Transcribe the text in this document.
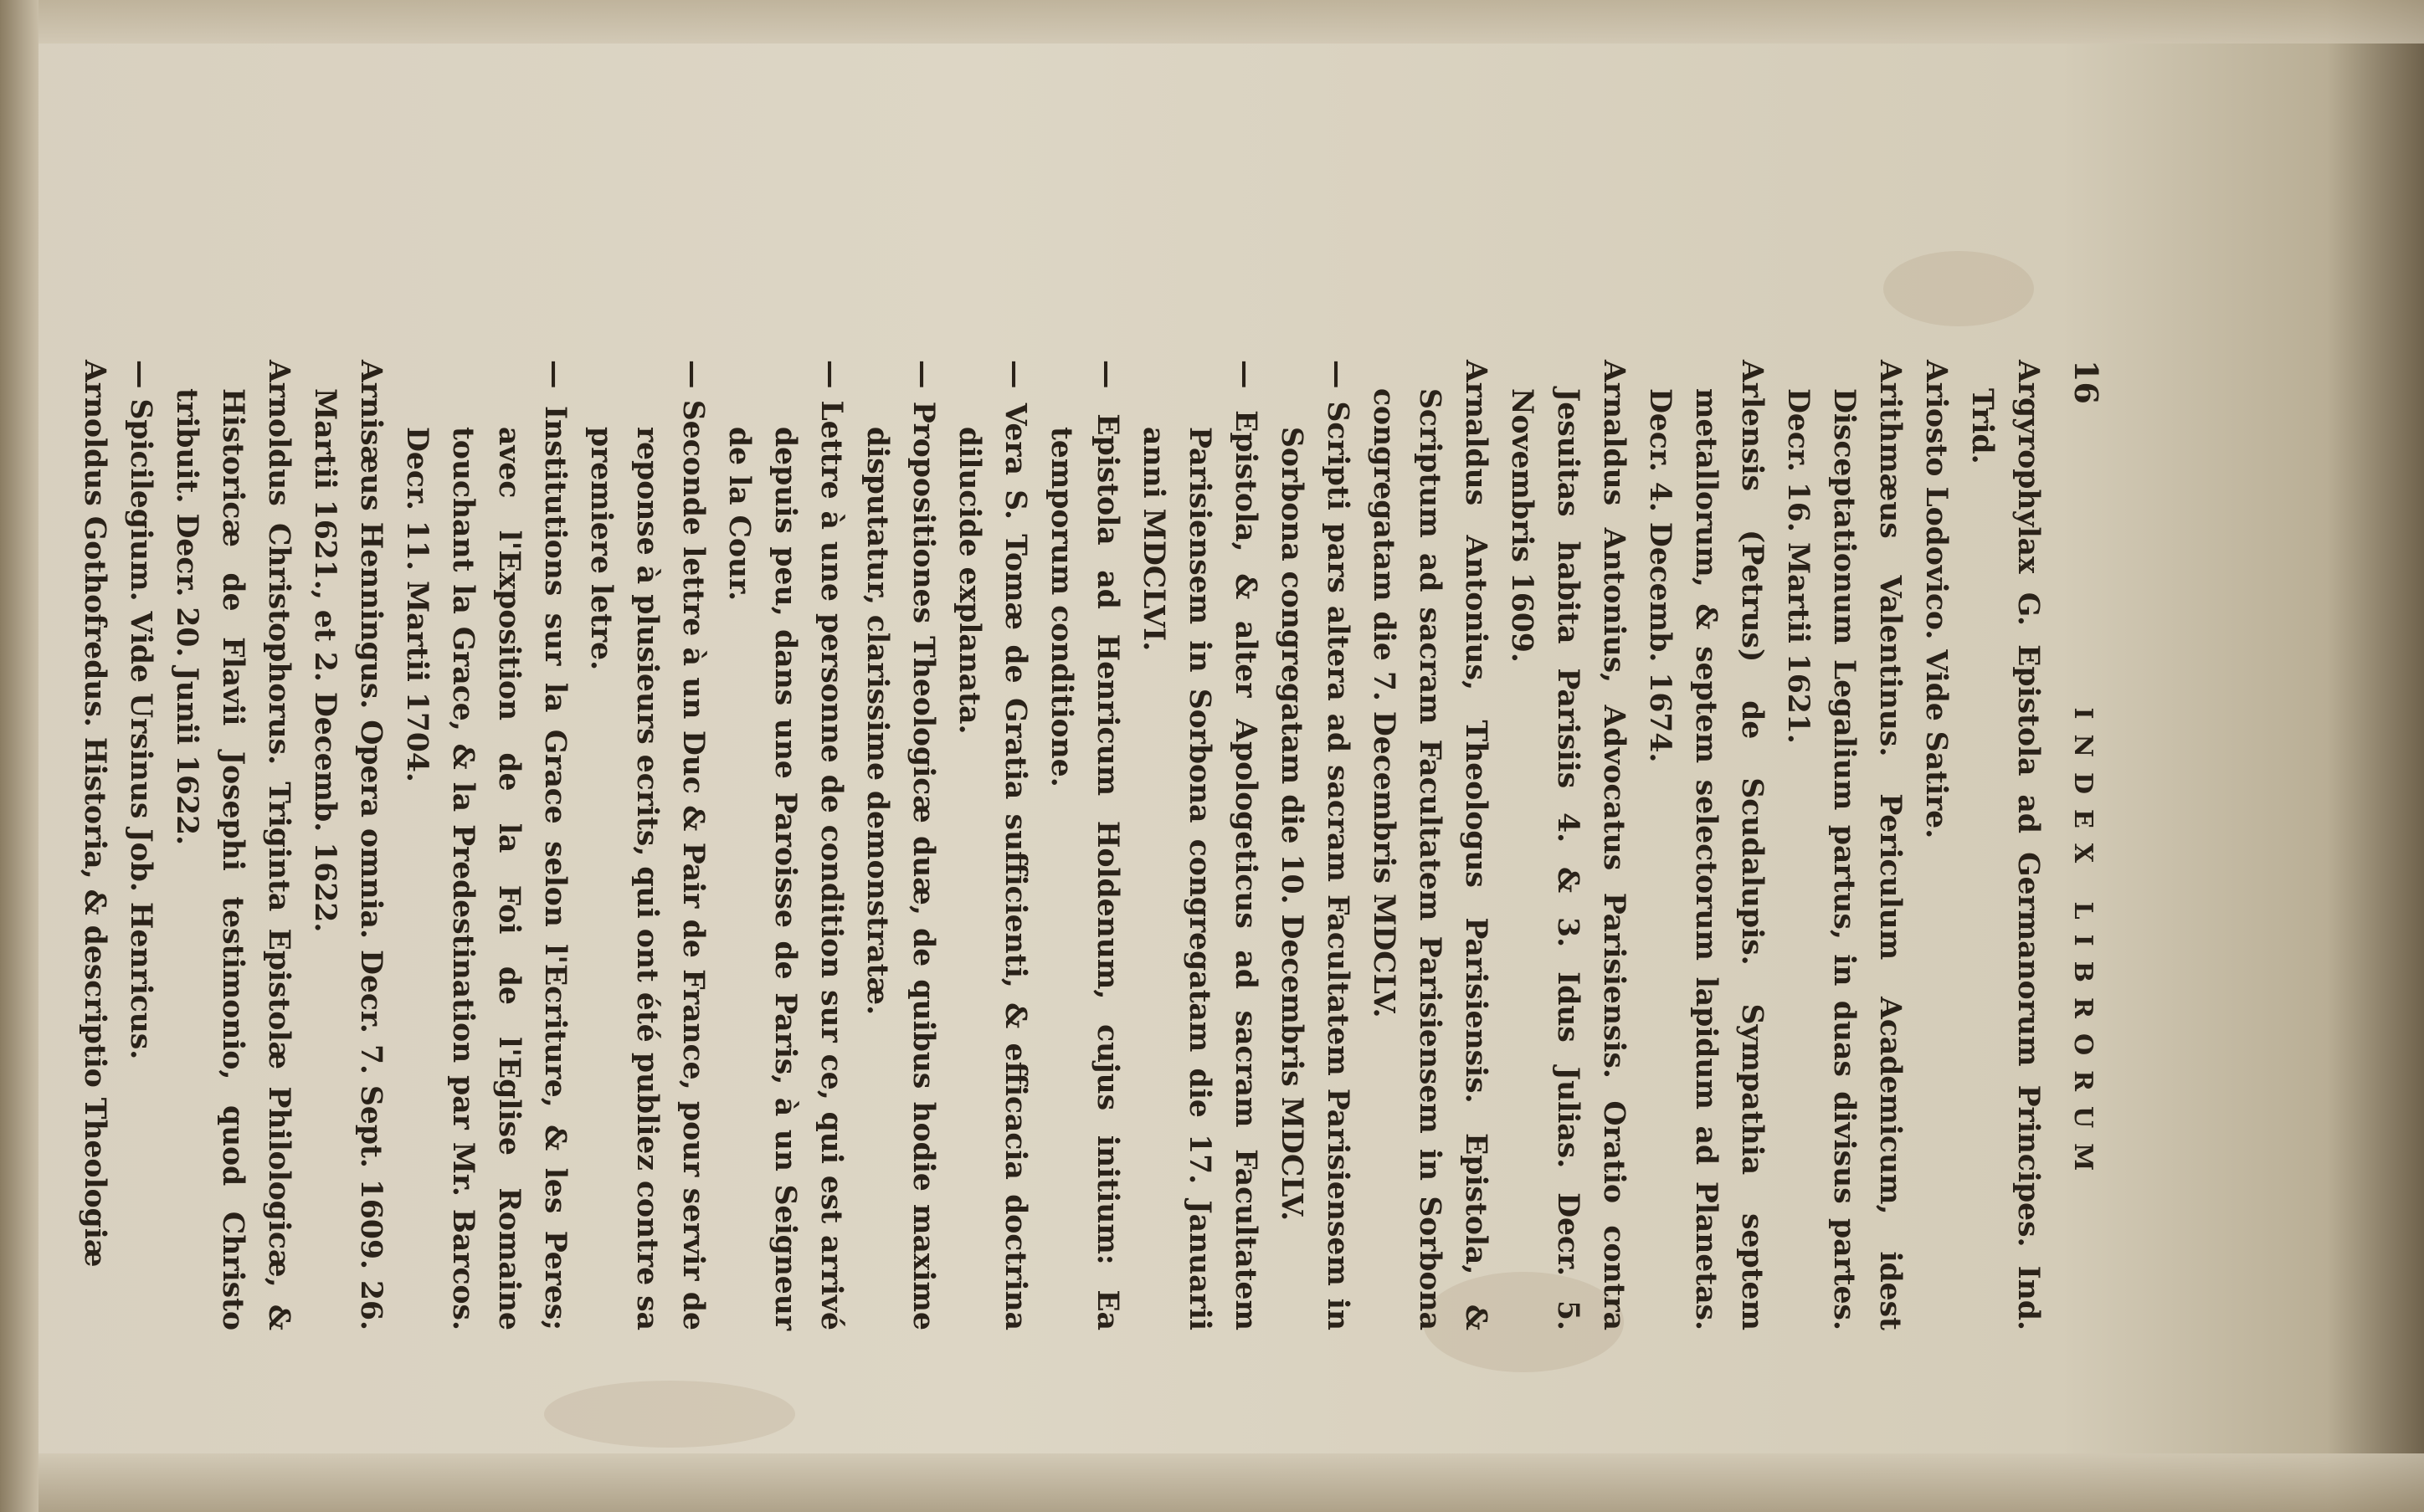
16
INDEX LIBRORUM
Argyrophylax G. Epistola ad Germanorum Principes. Ind. Trid.
Ariosto Lodovico. Vide Satire.
Arithmæus Valentinus. Periculum Academicum, idest Disceptationum Legalium partus, in duas divisus partes. Decr. 16. Martii 1621.
Arlensis (Petrus) de Scudalupis. Sympathia septem metallorum, & septem selectorum lapidum ad Planetas. Decr. 4. Decemb. 1674.
Arnaldus Antonius, Advocatus Parisiensis. Oratio contra Jesuitas habita Parisiis 4. & 3. Idus Julias. Decr. 5. Novembris 1609.
Arnaldus Antonius, Theologus Parisiensis. Epistola, & Scriptum ad sacram Facultatem Parisiensem in Sorbona congregatam die 7. Decembris MDCLV.
— Scripti pars altera ad sacram Facultatem Parisiensem in Sorbona congregatam die 10. Decembris MDCLV.
— Epistola, & alter Apologeticus ad sacram Facultatem Parisiensem in Sorbona congregatam die 17. Januarii anni MDCLVI.
— Epistola ad Henricum Holdenum, cujus initium: Ea temporum conditione.
— Vera S. Tomæ de Gratia sufficienti, & efficacia doctrina dilucide explanata.
— Propositiones Theologicæ duæ, de quibus hodie maxime disputatur, clarissime demonstratæ.
— Lettre à une personne de condition sur ce, qui est arrivé depuis peu, dans une Paroisse de Paris, à un Seigneur de la Cour.
— Seconde lettre à un Duc & Pair de France, pour servir de reponse à plusieurs ecrits, qui ont été publiez contre sa premiere letre.
— Institutions sur la Grace selon l'Ecriture, & les Peres; avec l'Exposition de la Foi de l'Eglise Romaine touchant la Grace, & la Predestination par Mr. Barcos. Decr. 11. Martii 1704.
Arnisæus Henningus. Opera omnia. Decr. 7. Sept. 1609. 26. Martii 1621., et 2. Decemb. 1622.
Arnoldus Christophorus. Triginta Epistolæ Philologicæ, & Historicæ de Flavii Josephi testimonio, quod Christo tribuit. Decr. 20. Junii 1622.
— Spicilegium. Vide Ursinus Job. Henricus.
Arnoldus Gothofredus. Historia, & descriptio Theologiæ
